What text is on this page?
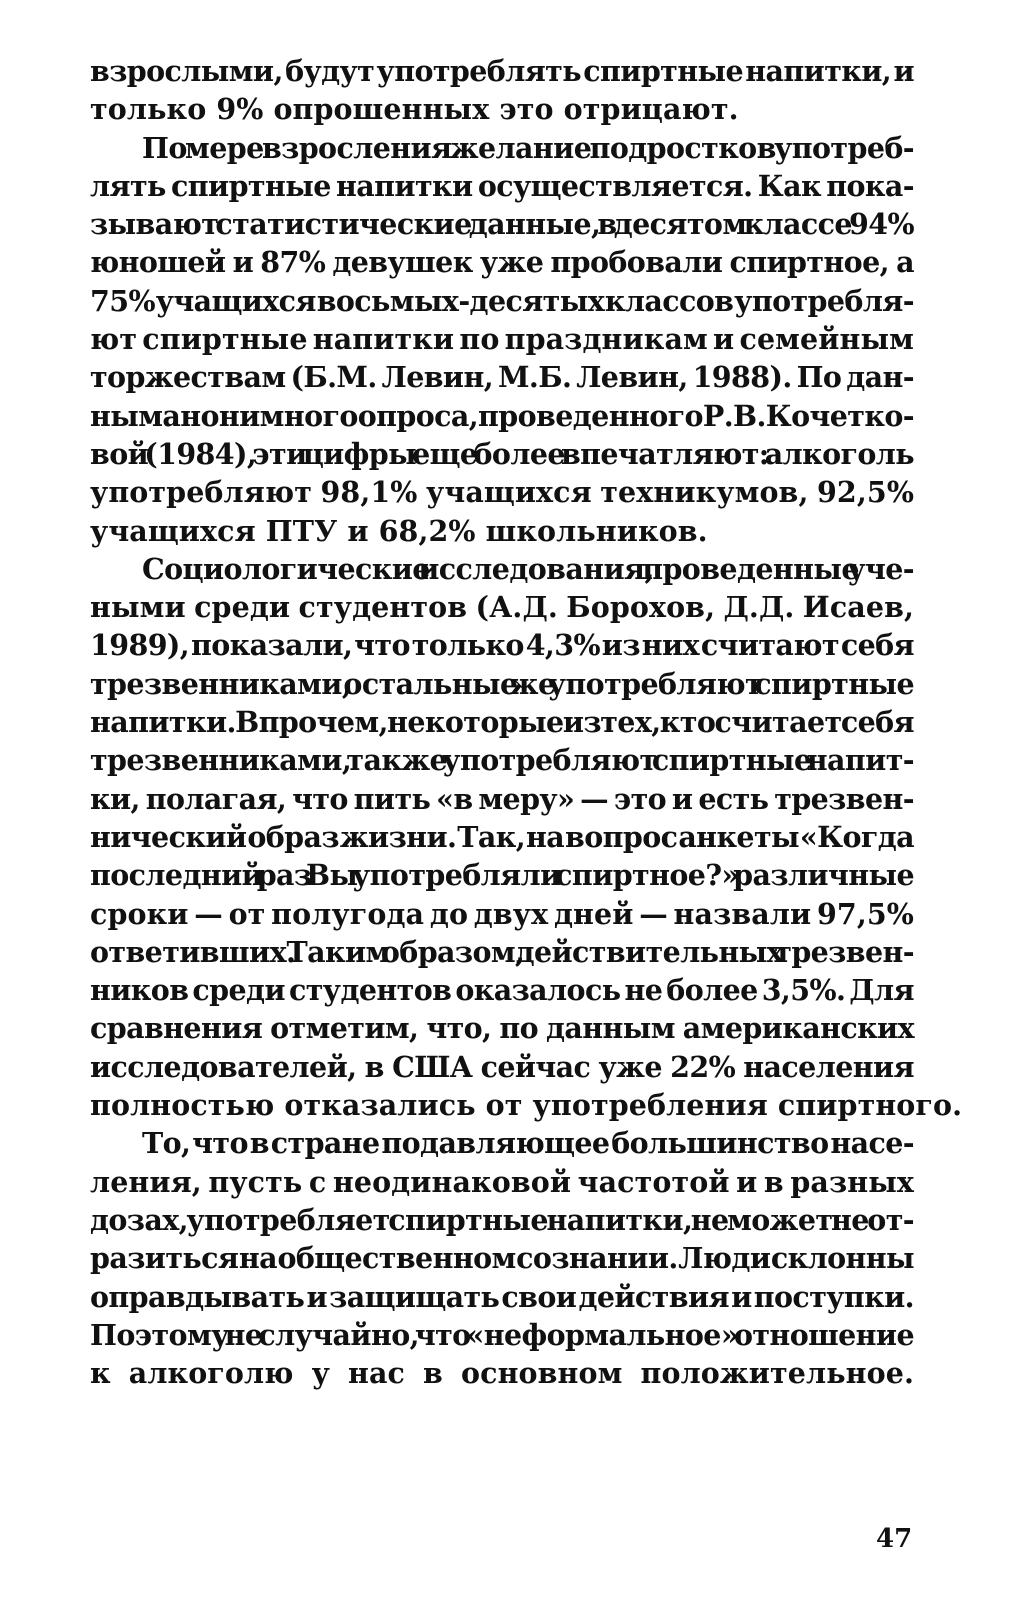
взрослыми, будут употреблять спиртные напитки, и
только 9% опрошенных это отрицают.
По мере взросления желание подростков употреб-
лять спиртные напитки осуществляется. Как пока-
зывают статистические данные, в десятом классе 94%
юношей и 87% девушек уже пробовали спиртное, а
75% учащихся восьмых-десятых классов употребля-
ют спиртные напитки по праздникам и семейным
торжествам (Б.М. Левин, М.Б. Левин, 1988). По дан-
ным анонимного опроса, проведенного Р.В. Кочетко-
вой (1984), эти цифры еще более впечатляют: алкоголь
употребляют 98,1% учащихся техникумов, 92,5%
учащихся ПТУ и 68,2% школьников.
Социологические исследования, проведенные уче-
ными среди студентов (А.Д. Борохов, Д.Д. Исаев,
1989), показали, что только 4,3% из них считают себя
трезвенниками, остальные же употребляют спиртные
напитки. Впрочем, некоторые из тех, кто считает себя
трезвенниками, также употребляют спиртные напит-
ки, полагая, что пить «в меру» — это и есть трезвен-
нический образ жизни. Так, на вопрос анкеты «Когда
последний раз Вы употребляли спиртное?» различные
сроки — от полугода до двух дней — назвали 97,5%
ответивших. Таким образом, действительных трезвен-
ников среди студентов оказалось не более 3,5%. Для
сравнения отметим, что, по данным американских
исследователей, в США сейчас уже 22% населения
полностью отказались от употребления спиртного.
То, что в стране подавляющее большинство насе-
ления, пусть с неодинаковой частотой и в разных
дозах, употребляет спиртные напитки, не может не от-
разиться на общественном сознании. Люди склонны
оправдывать и защищать свои действия и поступки.
Поэтому не случайно, что «неформальное» отношение
к алкоголю у нас в основном положительное.
47
